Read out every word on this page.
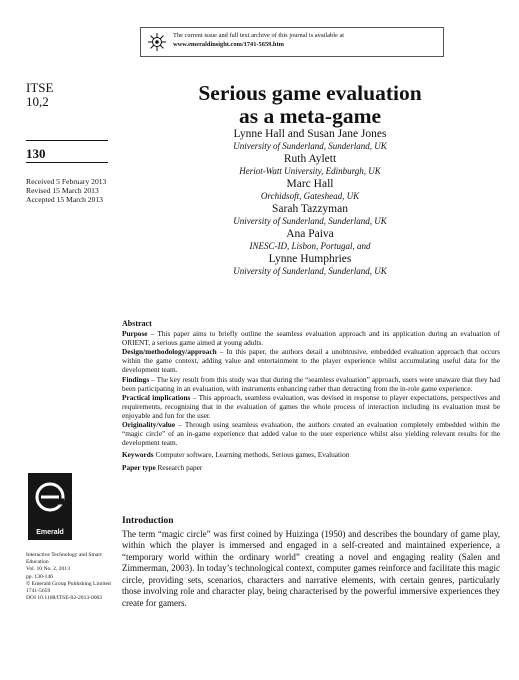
The current issue and full text archive of this journal is available at
www.emeraldinsight.com/1741-5659.htm
ITSE
10,2
130
Received 5 February 2013
Revised 15 March 2013
Accepted 15 March 2013
Serious game evaluation
as a meta-game
Lynne Hall and Susan Jane Jones
University of Sunderland, Sunderland, UK
Ruth Aylett
Heriot-Watt University, Edinburgh, UK
Marc Hall
Orchidsoft, Gateshead, UK
Sarah Tazzyman
University of Sunderland, Sunderland, UK
Ana Paiva
INESC-ID, Lisbon, Portugal, and
Lynne Humphries
University of Sunderland, Sunderland, UK
Abstract

Purpose – This paper aims to briefly outline the seamless evaluation approach and its application during an evaluation of ORIENT, a serious game aimed at young adults.

Design/methodology/approach – In this paper, the authors detail a unobtrusive, embedded evaluation approach that occurs within the game context, adding value and entertainment to the player experience whilst accumulating useful data for the development team.

Findings – The key result from this study was that during the “seamless evaluation” approach, users were unaware that they had been participating in an evaluation, with instruments enhancing rather than detracting from the in-role game experience.

Practical implications – This approach, seamless evaluation, was devised in response to player expectations, perspectives and requirements, recognising that in the evaluation of games the whole process of interaction including its evaluation must be enjoyable and fun for the user.

Originality/value – Through using seamless evaluation, the authors created an evaluation completely embedded within the “magic circle” of an in-game experience that added value to the user experience whilst also yielding relevant results for the development team.

Keywords Computer software, Learning methods, Serious games, Evaluation

Paper type Research paper

Emerald
Interactive Technology and Smart
Education
Vol. 10 No. 2, 2013
pp. 130-146
© Emerald Group Publishing Limited
1741-5659
DOI 10.1108/ITSE-02-2013-0003
Introduction

The term “magic circle” was first coined by Huizinga (1950) and describes the boundary of game play, within which the player is immersed and engaged in a self-created and maintained experience, a “temporary world within the ordinary world” creating a novel and engaging reality (Salen and Zimmerman, 2003). In today’s technological context, computer games reinforce and facilitate this magic circle, providing sets, scenarios, characters and narrative elements, with certain genres, particularly those involving role and character play, being characterised by the powerful immersive experiences they create for gamers.
